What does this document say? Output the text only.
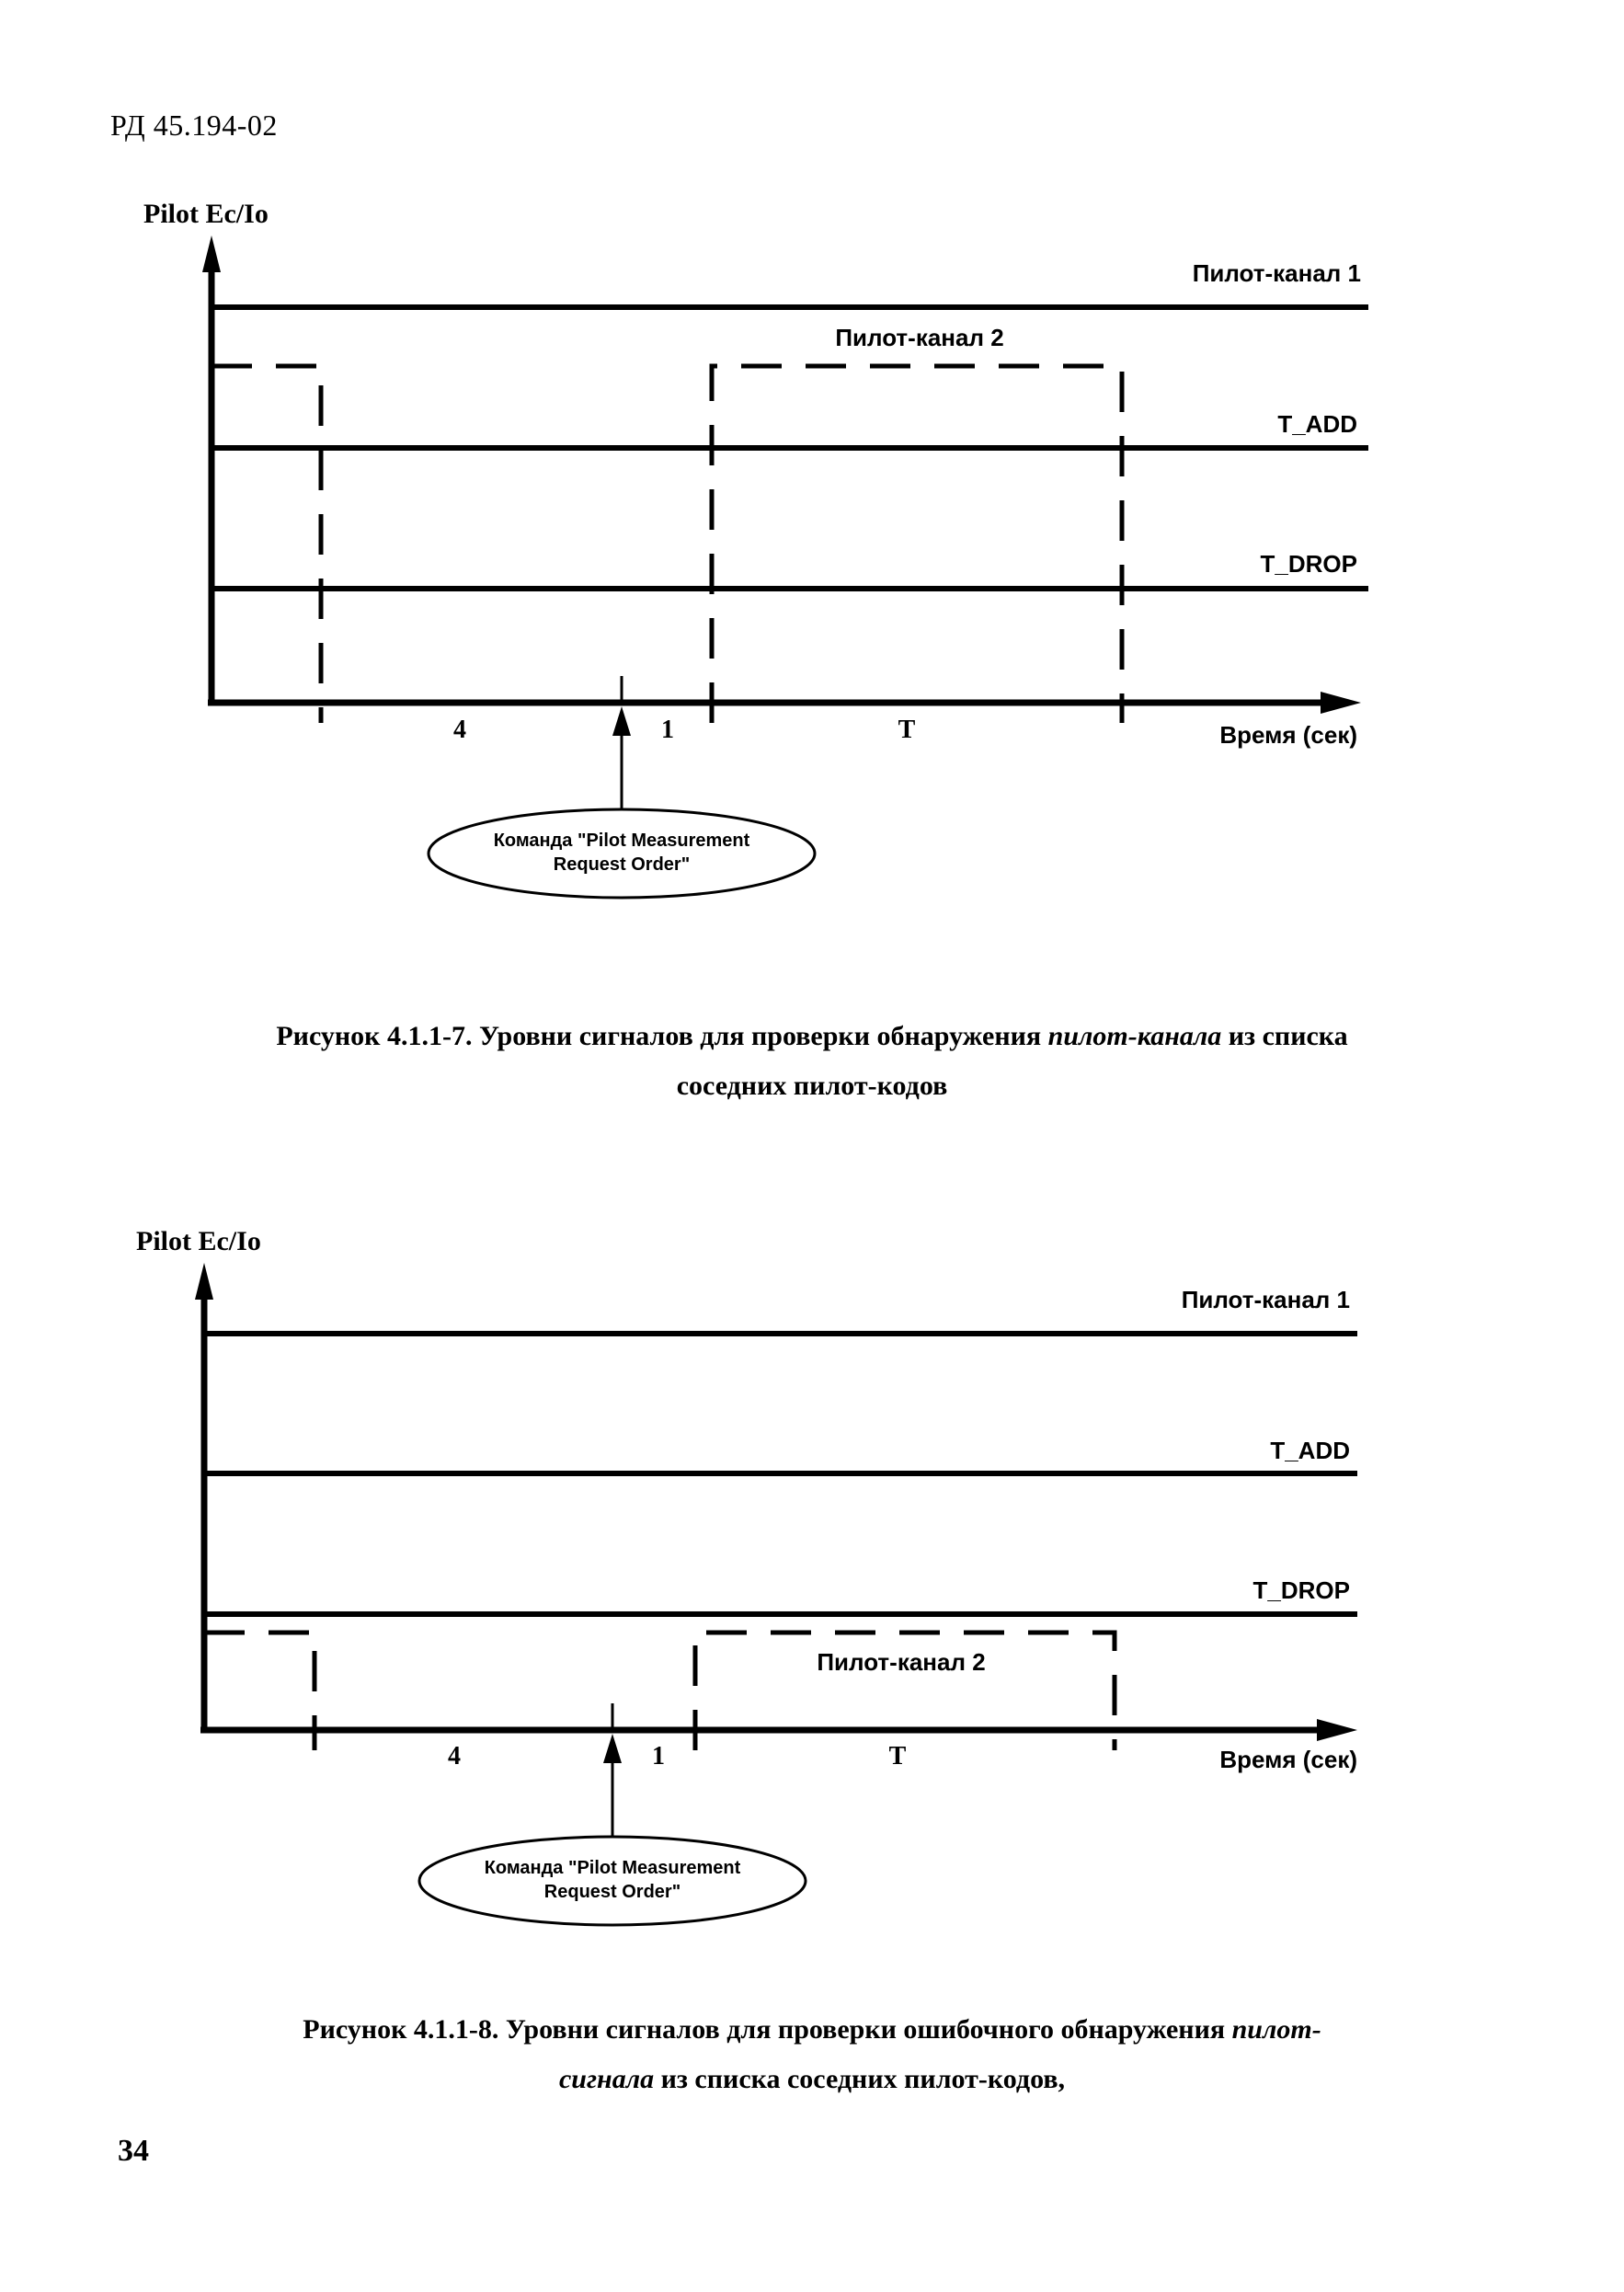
РД 45.194-02
Pilot Ec/Io
Пилот-канал 1
Пилот-канал 2
T_ADD
T_DROP
Время (сек)
4	1	T
Команда "Pilot Measurement
Request Order"
Рисунок 4.1.1-7. Уровни сигналов для проверки обнаружения пилот-канала из списка
соседних пилот-кодов
Pilot Ec/Io
Пилот-канал 1
Пилот-канал 2
T_ADD
T_DROP
Время (сек)
4	1	T
Команда "Pilot Measurement
Request Order"
Рисунок 4.1.1-8. Уровни сигналов для проверки ошибочного обнаружения пилот-
сигнала из списка соседних пилот-кодов,
34
